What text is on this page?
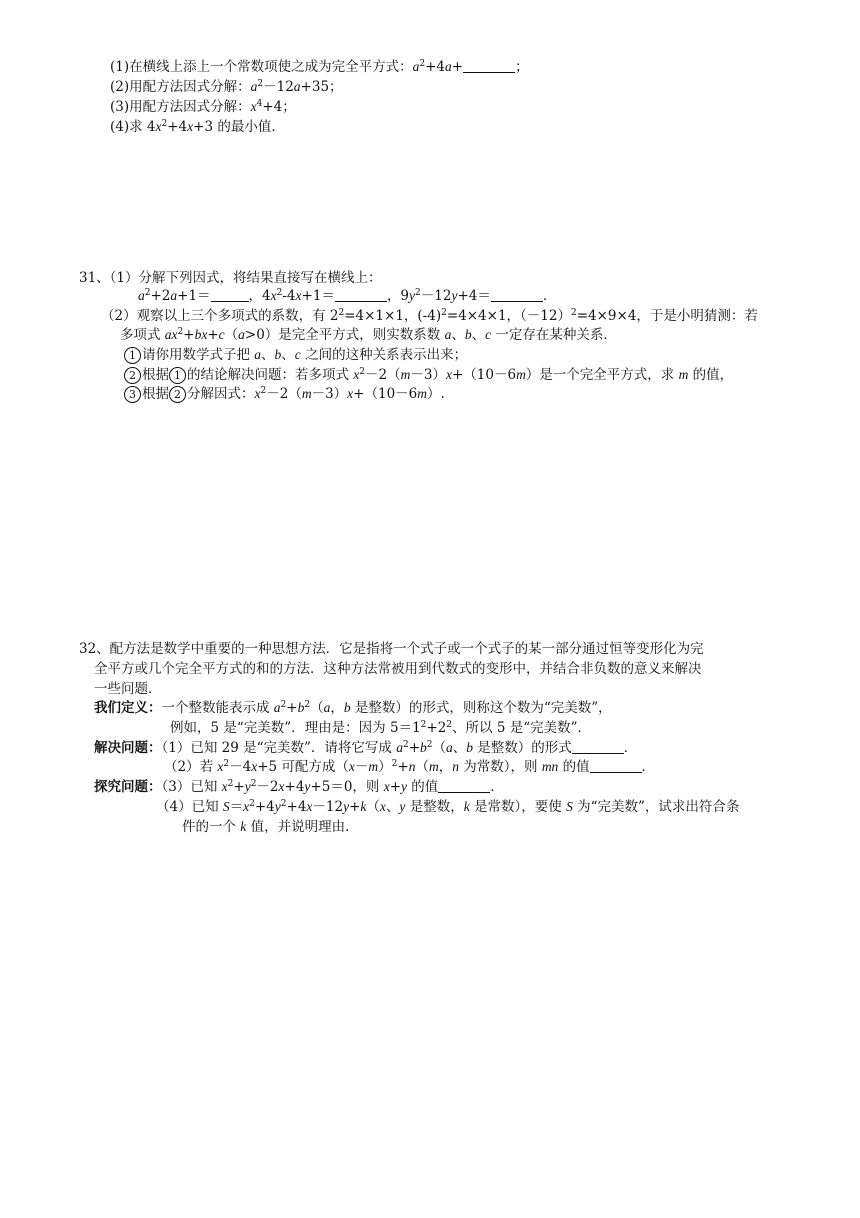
(1)在横线上添上一个常数项使之成为完全平方式：$a^2+4a+$	；
(2)用配方法因式分解：$a^2-12a+35$；
(3)用配方法因式分解：$x^4+4$；
(4)求 $4x^2+4x+3$ 的最小值．
31、（1）分解下列因式，将结果直接写在横线上：
$a^2+2a+1=$	，$4x^2-4x+1=$	，$9y^2-12y+4=$	．
（2）观察以上三个多项式的系数，有 $2^2=4\times 1\times 1$，$(-4)^2=4\times 4\times 1$，$(-12)^2=4\times 9\times 4$，于是小明猜测：若
多项式 $ax^2+bx+c(a>0)$是完全平方式，则实数系数 a、b、c 一定存在某种关系．
1 请你用数学式子把 a、b、c 之间的这种关系表示出来；
2 根据 1 的结论解决问题：若多项式 $x^2-2(m-3)x+(10-6m)$是一个完全平方式，求 m 的值，
3 根据 2 分解因式：$x^2-2(m-3)x+(10-6m)$.
32、配方法是数学中重要的一种思想方法．它是指将一个式子或一个式子的某一部分通过恒等变形化为完
全平方或几个完全平方式的和的方法．这种方法常被用到代数式的变形中，并结合非负数的意义来解决
一些问题．
我们定义：一个整数能表示成 $a^2+b^2(a$，b 是整数）的形式，则称这个数为“完美数”，
例如，5 是“完美数”．理由是：因为 $5=1^2+2^2$、所以 5 是“完美数”．
解决问题：（1）已知 29 是“完美数”．请将它写成 $a^2+b^2(a$、b 是整数）的形式	．
（2）若 $x^2-4x+5$ 可配方成$(x-m)^2+n(m$，n 为常数），则 mn 的值	．
探究问题：（3）已知 $x^2+y^2-2x+4y+5=0$，则 x+y 的值	．
（4）已知 $S=x^2+4y^2+4x-12y+k(x$、y 是整数，k 是常数），要使 S 为“完美数”，试求出符合条
件的一个 k 值，并说明理由．
